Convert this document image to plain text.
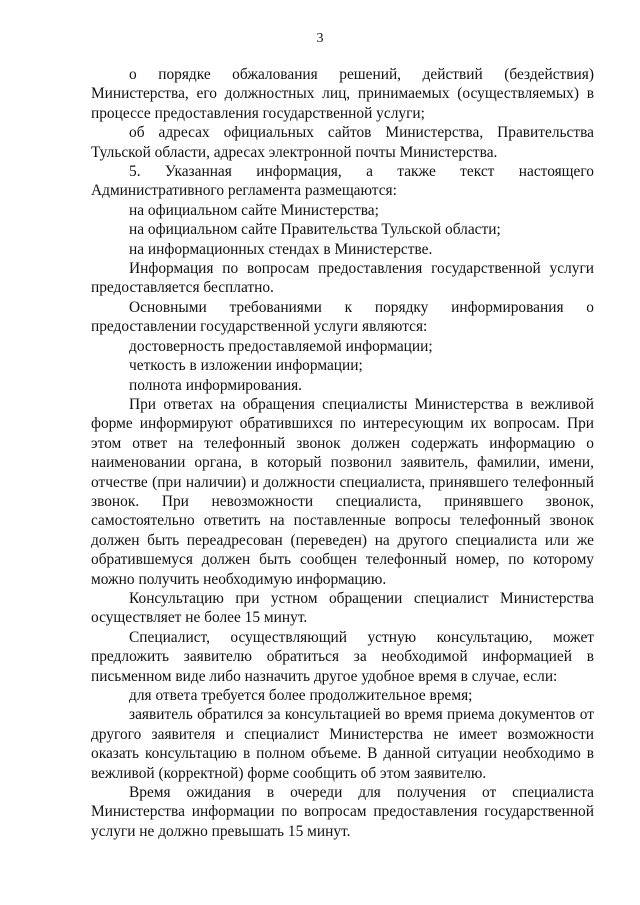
3

о порядке обжалования решений, действий (бездействия) Министерства, его должностных лиц, принимаемых (осуществляемых) в процессе предоставления государственной услуги;

об адресах официальных сайтов Министерства, Правительства Тульской области, адресах электронной почты Министерства.

5. Указанная информация, а также текст настоящего Административного регламента размещаются:

на официальном сайте Министерства;

на официальном сайте Правительства Тульской области;

на информационных стендах в Министерстве.

Информация по вопросам предоставления государственной услуги предоставляется бесплатно.

Основными требованиями к порядку информирования о предоставлении государственной услуги являются:

достоверность предоставляемой информации;

четкость в изложении информации;

полнота информирования.

При ответах на обращения специалисты Министерства в вежливой форме информируют обратившихся по интересующим их вопросам. При этом ответ на телефонный звонок должен содержать информацию о наименовании органа, в который позвонил заявитель, фамилии, имени, отчестве (при наличии) и должности специалиста, принявшего телефонный звонок. При невозможности специалиста, принявшего звонок, самостоятельно ответить на поставленные вопросы телефонный звонок должен быть переадресован (переведен) на другого специалиста или же обратившемуся должен быть сообщен телефонный номер, по которому можно получить необходимую информацию.

Консультацию при устном обращении специалист Министерства осуществляет не более 15 минут.

Специалист, осуществляющий устную консультацию, может предложить заявителю обратиться за необходимой информацией в письменном виде либо назначить другое удобное время в случае, если:

для ответа требуется более продолжительное время;

заявитель обратился за консультацией во время приема документов от другого заявителя и специалист Министерства не имеет возможности оказать консультацию в полном объеме. В данной ситуации необходимо в вежливой (корректной) форме сообщить об этом заявителю.

Время ожидания в очереди для получения от специалиста Министерства информации по вопросам предоставления государственной услуги не должно превышать 15 минут.
